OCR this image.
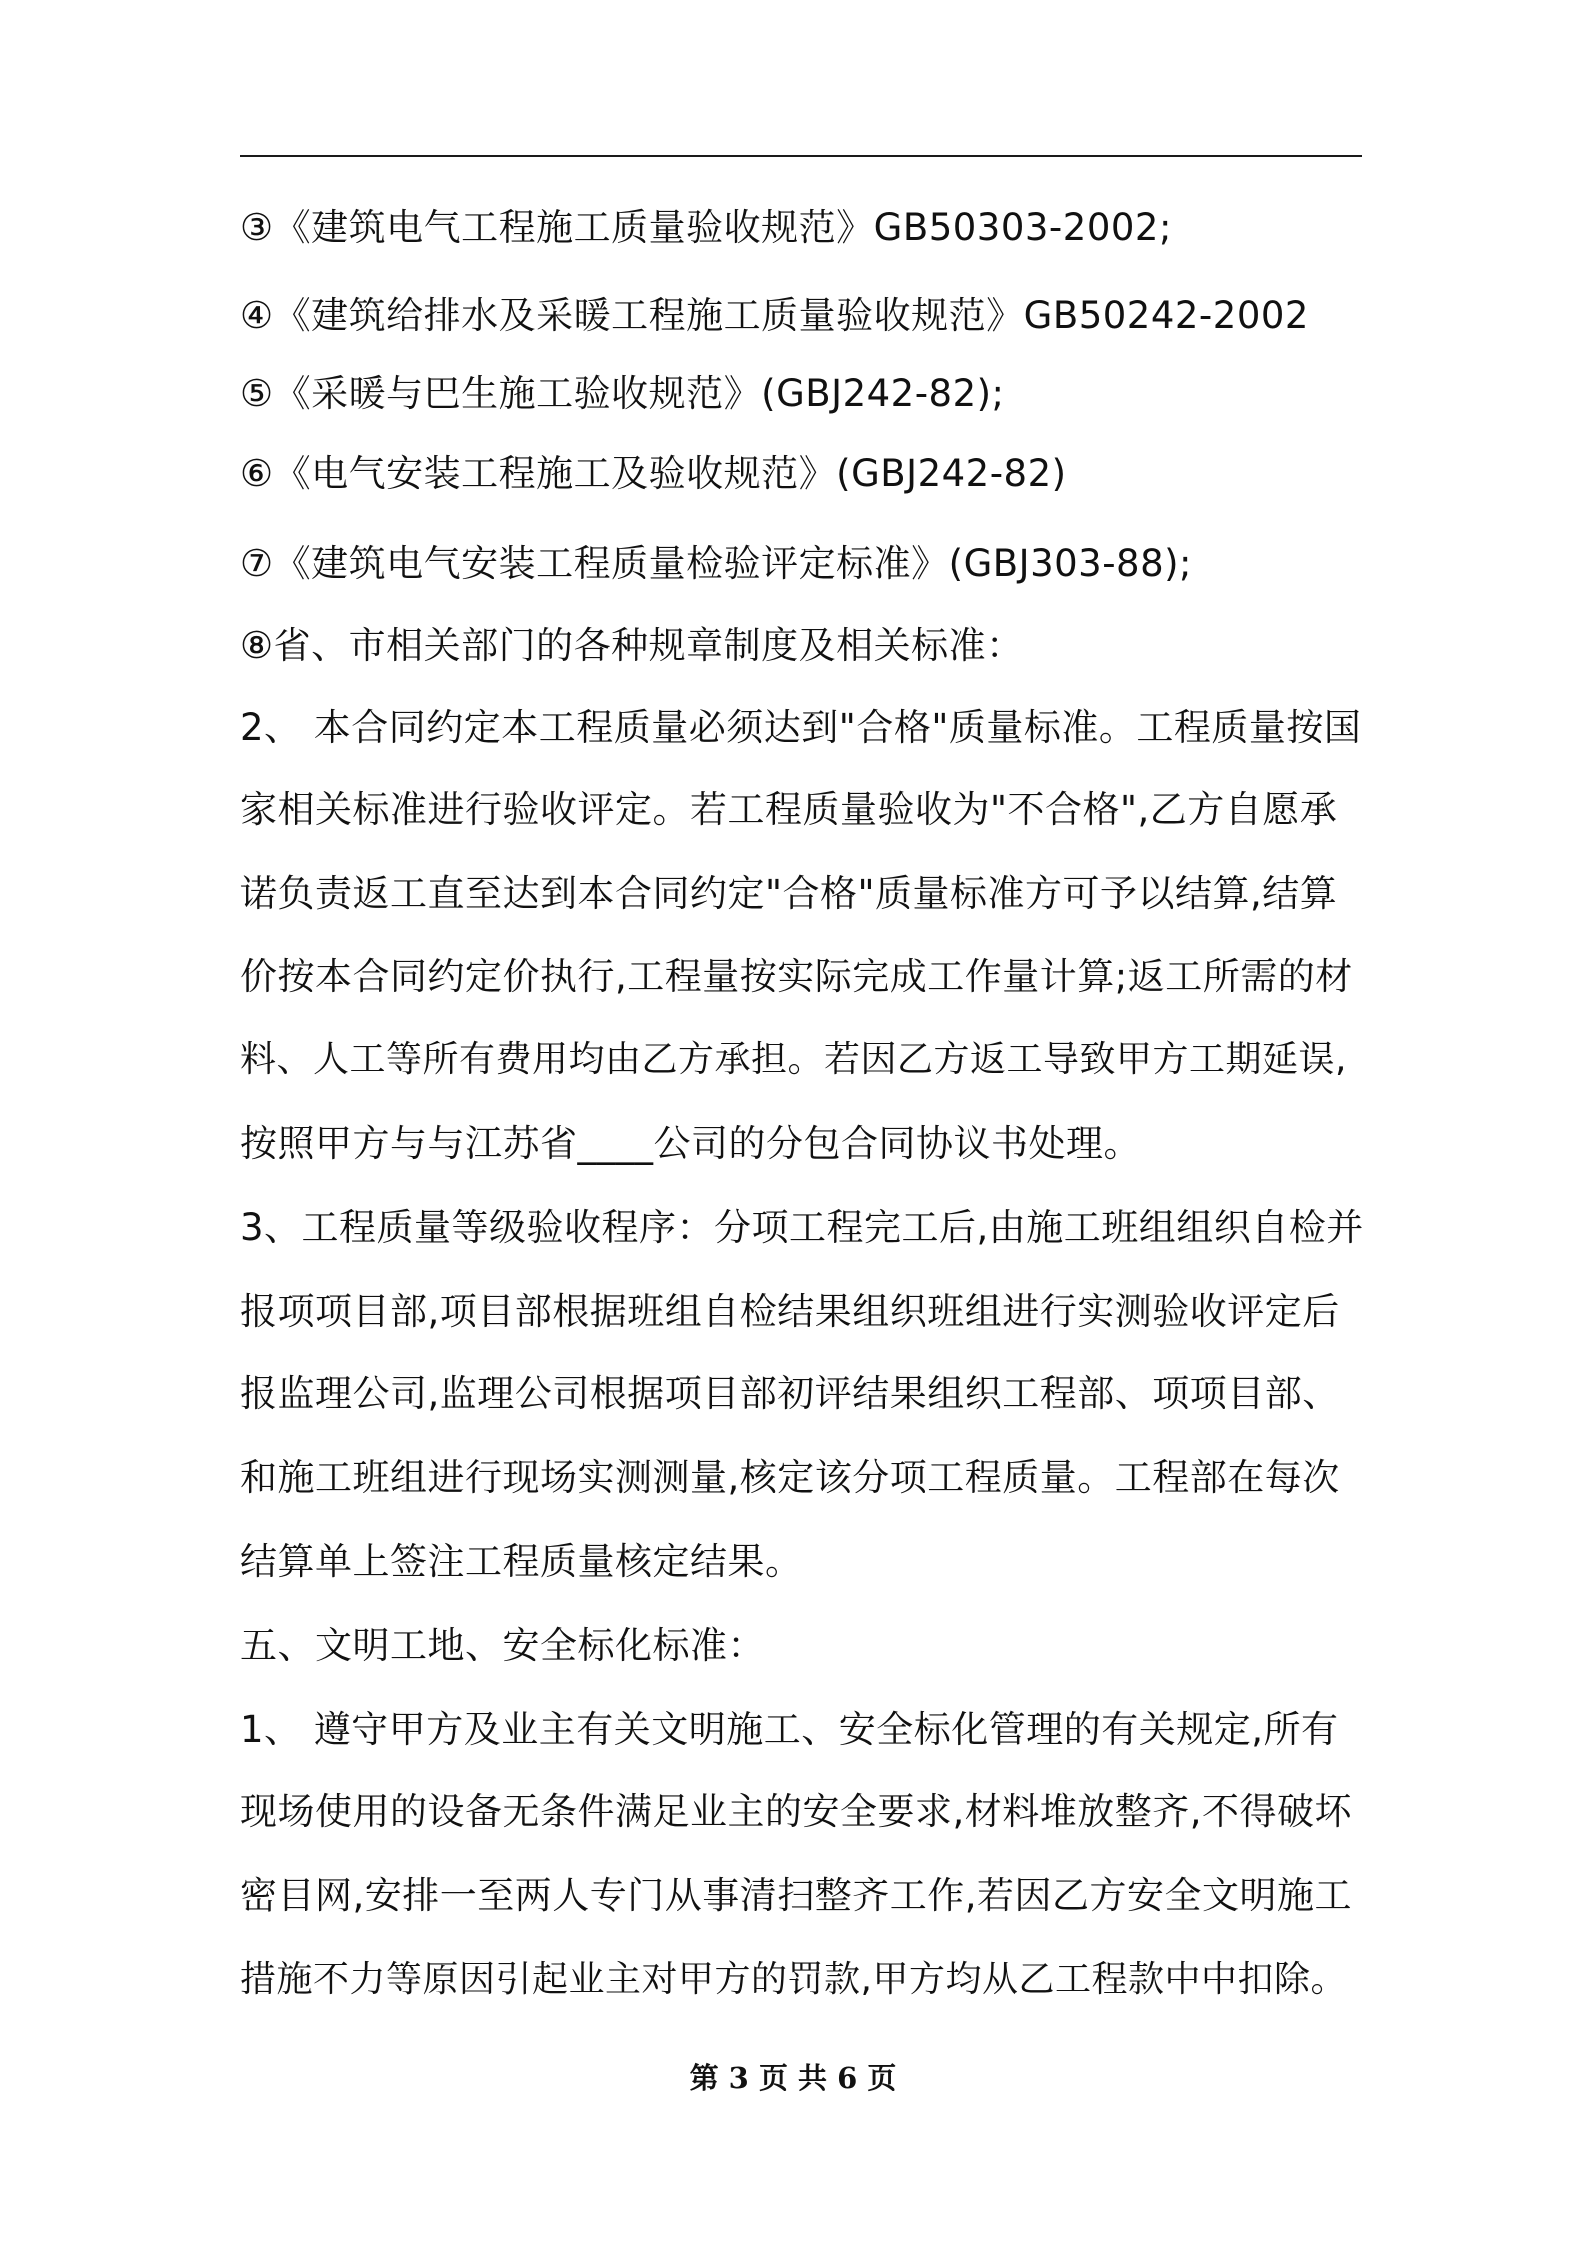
③《建筑电气工程施工质量验收规范》GB50303-2002;
④《建筑给排水及采暖工程施工质量验收规范》GB50242-2002
⑤《采暖与巴生施工验收规范》(GBJ242-82);
⑥《电气安装工程施工及验收规范》(GBJ242-82)
⑦《建筑电气安装工程质量检验评定标准》(GBJ303-88);
⑧省、市相关部门的各种规章制度及相关标准：
2、 本合同约定本工程质量必须达到"合格"质量标准。工程质量按国
家相关标准进行验收评定。若工程质量验收为"不合格",乙方自愿承
诺负责返工直至达到本合同约定"合格"质量标准方可予以结算,结算
价按本合同约定价执行,工程量按实际完成工作量计算;返工所需的材
料、人工等所有费用均由乙方承担。若因乙方返工导致甲方工期延误,
按照甲方与与江苏省____公司的分包合同协议书处理。
3、工程质量等级验收程序：分项工程完工后,由施工班组组织自检并
报项项目部,项目部根据班组自检结果组织班组进行实测验收评定后
报监理公司,监理公司根据项目部初评结果组织工程部、项项目部、
和施工班组进行现场实测测量,核定该分项工程质量。工程部在每次
结算单上签注工程质量核定结果。
五、文明工地、安全标化标准：
1、 遵守甲方及业主有关文明施工、安全标化管理的有关规定,所有
现场使用的设备无条件满足业主的安全要求,材料堆放整齐,不得破坏
密目网,安排一至两人专门从事清扫整齐工作,若因乙方安全文明施工
措施不力等原因引起业主对甲方的罚款,甲方均从乙工程款中中扣除。
第 3 页 共 6 页
